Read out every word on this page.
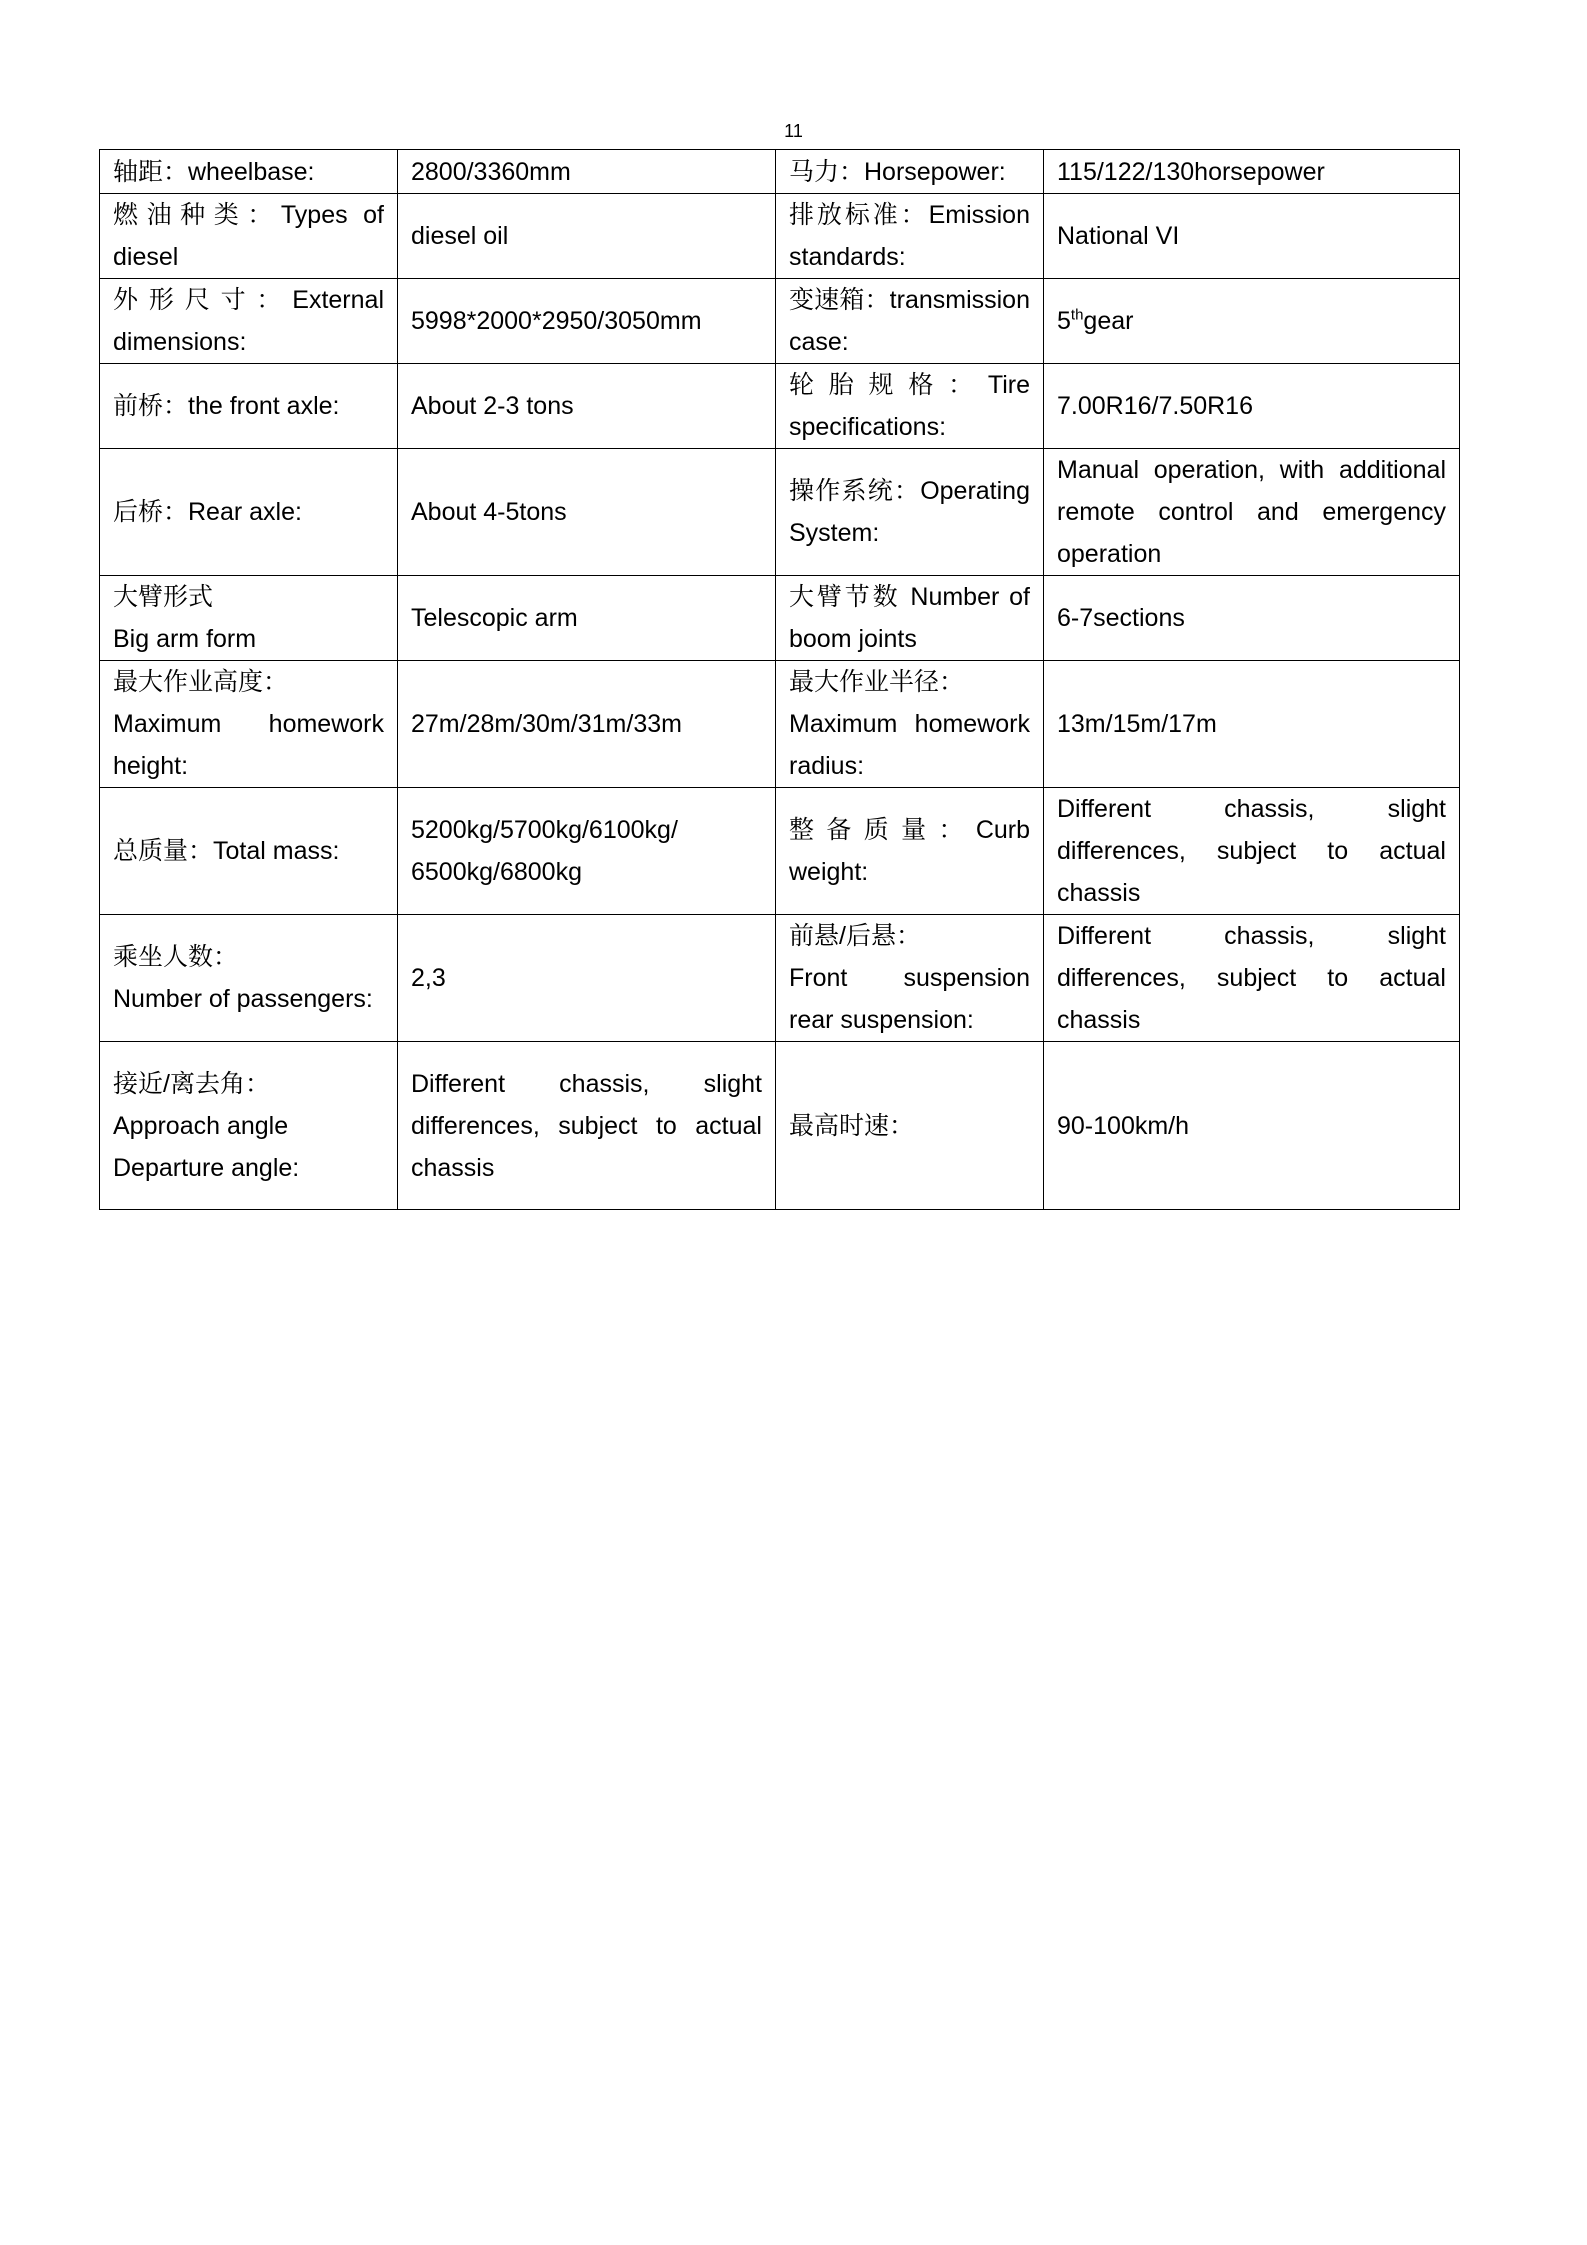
11
轴距：wheelbase:	2800/3360mm	马力：Horsepower:	115/122/130horsepower

燃油种类：Types of diesel	diesel oil	排放标准：Emission standards:	National VI

外形尺寸：External dimensions:	5998*2000*2950/3050mm	变速箱：transmission case:	5thgear

前桥：the front axle:	About 2-3 tons	轮胎规格：Tire specifications:	7.00R16/7.50R16

后桥：Rear axle:	About 4-5tons	操作系统：Operating System:	Manual operation, with additional remote control and emergency operation

大臂形式
Big arm form	Telescopic arm	大臂节数 Number of boom joints	6-7sections

最大作业高度：
Maximum homework height:	27m/28m/30m/31m/33m	最大作业半径：
Maximum homework radius:	13m/15m/17m

总质量：Total mass:	5200kg/5700kg/6100kg/ 6500kg/6800kg	整备质量：Curb weight:	Different chassis, slight differences, subject to actual chassis

乘坐人数：
Number of passengers:	2,3	前悬/后悬：
Front suspension rear suspension:	Different chassis, slight differences, subject to actual chassis

接近/离去角：
Approach angle
Departure angle:	Different chassis, slight differences, subject to actual chassis	最高时速：	90-100km/h
